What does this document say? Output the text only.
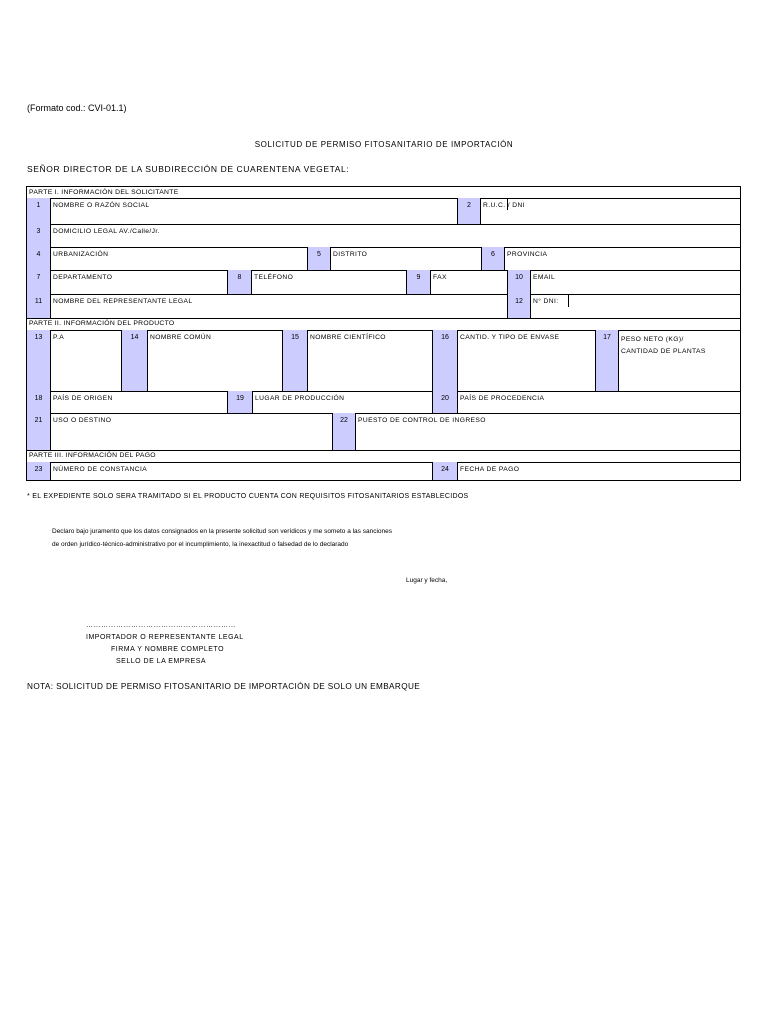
(Formato cod.: CVI-01.1)
SOLICITUD DE PERMISO FITOSANITARIO DE IMPORTACIÓN
SEÑOR DIRECTOR DE LA SUBDIRECCIÓN DE CUARENTENA VEGETAL:
PARTE I. INFORMACIÓN DEL SOLICITANTE
1	NOMBRE O RAZÓN SOCIAL	2	R.U.C. / DNI
3	DOMICILIO LEGAL AV./Calle/Jr.
4	URBANIZACIÓN	5	DISTRITO	6	PROVINCIA
7	DEPARTAMENTO	8	TELÉFONO	9	FAX	10	EMAIL
11	NOMBRE DEL REPRESENTANTE LEGAL	12	N° DNI:
PARTE II. INFORMACIÓN DEL PRODUCTO
13	P.A	14	NOMBRE COMÚN	15	NOMBRE CIENTÍFICO	16	CANTID. Y TIPO DE ENVASE	17	PESO NETO (KG)/
CANTIDAD DE PLANTAS
18	PAÍS DE ORIGEN	19	LUGAR DE PRODUCCIÓN	20	PAÍS DE PROCEDENCIA
21	USO O DESTINO	22	PUESTO DE CONTROL DE INGRESO
PARTE III. INFORMACIÓN DEL PAGO
23	NÚMERO DE CONSTANCIA	24	FECHA DE PAGO
* EL EXPEDIENTE SOLO SERA TRAMITADO SI EL PRODUCTO CUENTA CON REQUISITOS FITOSANITARIOS ESTABLECIDOS
Declaro bajo juramento que los datos consignados en la presente solicitud son verídicos y me someto a las sanciones
de orden jurídico-técnico-administrativo por el incumplimiento, la inexactitud o falsedad de lo declarado
Lugar y fecha,
……………………………………………………
IMPORTADOR O REPRESENTANTE LEGAL
FIRMA Y NOMBRE COMPLETO
SELLO DE LA EMPRESA
NOTA: SOLICITUD DE PERMISO FITOSANITARIO DE IMPORTACIÓN DE SOLO UN EMBARQUE
